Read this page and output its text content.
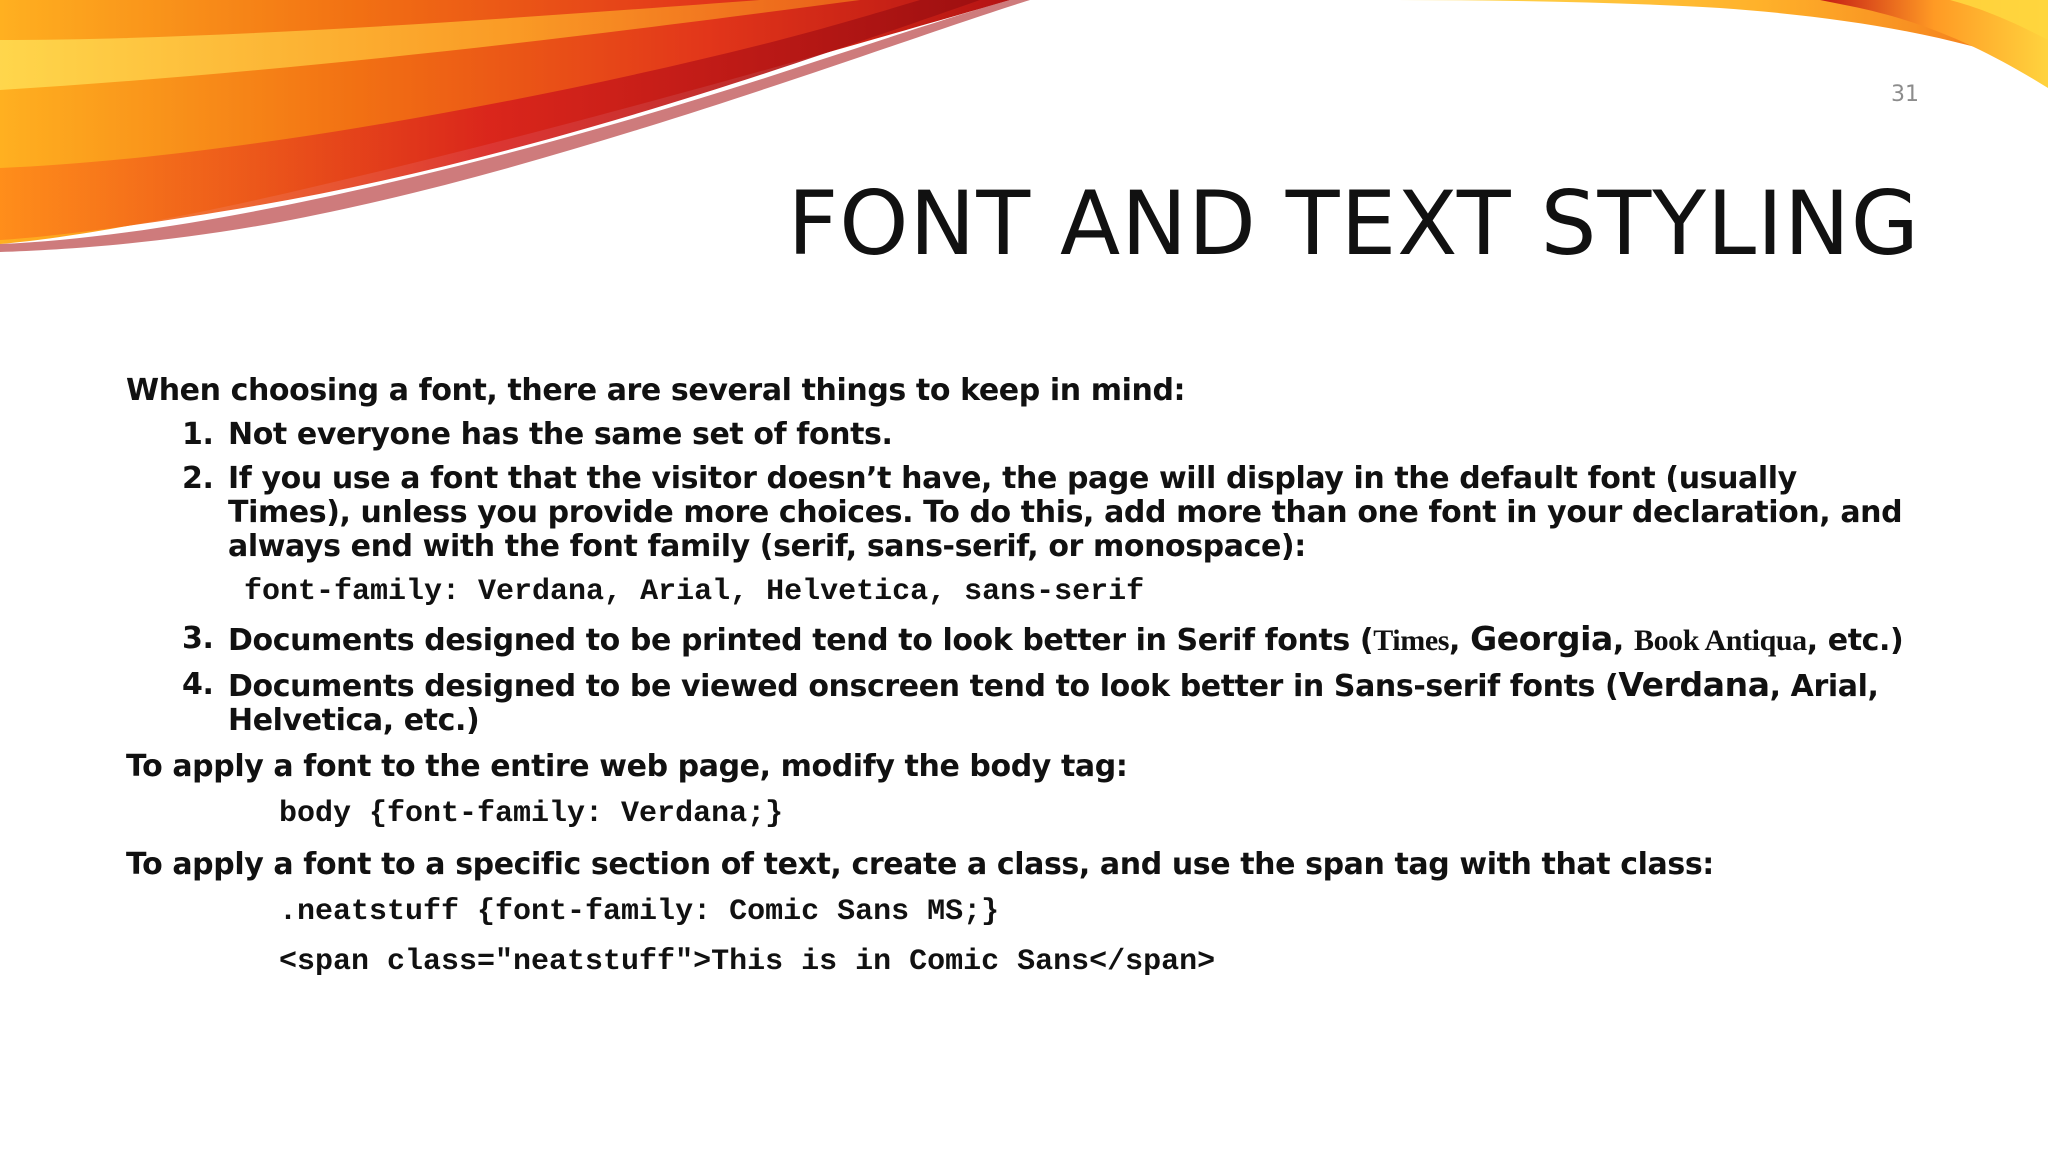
31
FONT AND TEXT STYLING
When choosing a font, there are several things to keep in mind:
1. Not everyone has the same set of fonts.
2. If you use a font that the visitor doesn’t have, the page will display in the default font (usually Times), unless you provide more choices. To do this, add more than one font in your declaration, and always end with the font family (serif, sans-serif, or monospace):
font-family: Verdana, Arial, Helvetica, sans-serif
3. Documents designed to be printed tend to look better in Serif fonts (Times, Georgia, Book Antiqua, etc.)
4. Documents designed to be viewed onscreen tend to look better in Sans-serif fonts (Verdana, Arial, Helvetica, etc.)
To apply a font to the entire web page, modify the body tag:
body {font-family: Verdana;}
To apply a font to a specific section of text, create a class, and use the span tag with that class:
.neatstuff {font-family: Comic Sans MS;}
<span class="neatstuff">This is in Comic Sans</span>
